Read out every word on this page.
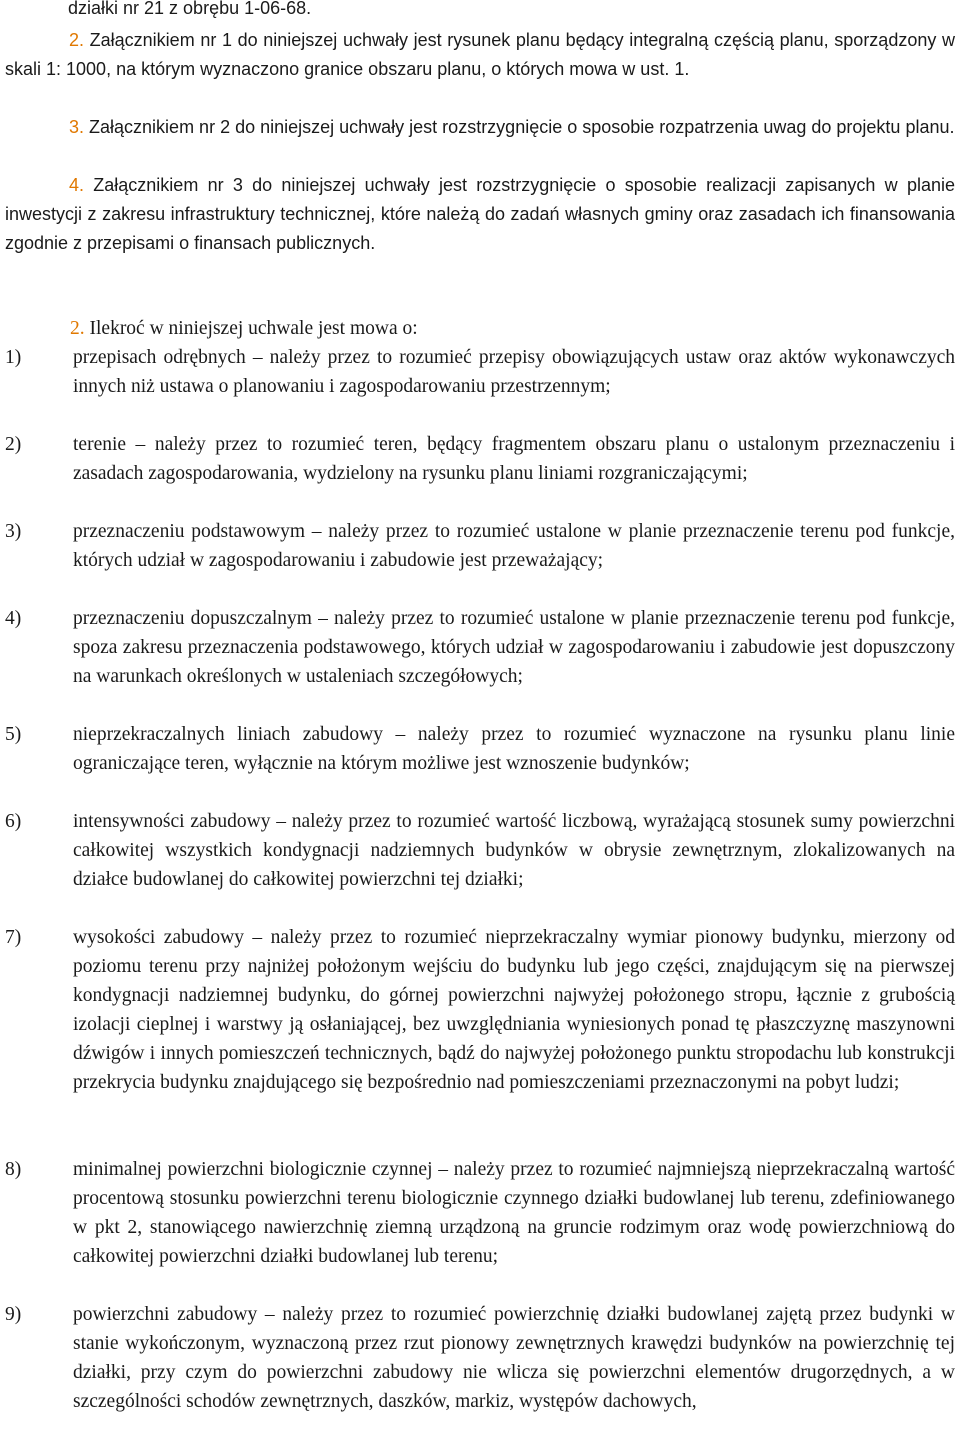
działki nr 21 z obrębu 1-06-68.
2. Załącznikiem nr 1 do niniejszej uchwały jest rysunek planu będący integralną częścią planu, sporządzony w skali 1: 1000, na którym wyznaczono granice obszaru planu, o których mowa w ust. 1.
3. Załącznikiem nr 2 do niniejszej uchwały jest rozstrzygnięcie o sposobie rozpatrzenia uwag do projektu planu.
4. Załącznikiem nr 3 do niniejszej uchwały jest rozstrzygnięcie o sposobie realizacji zapisanych w planie inwestycji z zakresu infrastruktury technicznej, które należą do zadań własnych gminy oraz zasadach ich finansowania zgodnie z przepisami o finansach publicznych.
2. Ilekroć w niniejszej uchwale jest mowa o:
1)	przepisach odrębnych – należy przez to rozumieć przepisy obowiązujących ustaw oraz aktów wykonawczych innych niż ustawa o planowaniu i zagospodarowaniu przestrzennym;
2)	terenie – należy przez to rozumieć teren, będący fragmentem obszaru planu o ustalonym przeznaczeniu i zasadach zagospodarowania, wydzielony na rysunku planu liniami rozgraniczającymi;
3)	przeznaczeniu podstawowym – należy przez to rozumieć ustalone w planie przeznaczenie terenu pod funkcje, których udział w zagospodarowaniu i zabudowie jest przeważający;
4)	przeznaczeniu dopuszczalnym – należy przez to rozumieć ustalone w planie przeznaczenie terenu pod funkcje, spoza zakresu przeznaczenia podstawowego, których udział w zagospodarowaniu i zabudowie jest dopuszczony na warunkach określonych w ustaleniach szczegółowych;
5)	nieprzekraczalnych liniach zabudowy – należy przez to rozumieć wyznaczone na rysunku planu linie ograniczające teren, wyłącznie na którym możliwe jest wznoszenie budynków;
6)	intensywności zabudowy – należy przez to rozumieć wartość liczbową, wyrażającą stosunek sumy powierzchni całkowitej wszystkich kondygnacji nadziemnych budynków w obrysie zewnętrznym, zlokalizowanych na działce budowlanej do całkowitej powierzchni tej działki;
7)	wysokości zabudowy – należy przez to rozumieć nieprzekraczalny wymiar pionowy budynku, mierzony od poziomu terenu przy najniżej położonym wejściu do budynku lub jego części, znajdującym się na pierwszej kondygnacji nadziemnej budynku, do górnej powierzchni najwyżej położonego stropu, łącznie z grubością izolacji cieplnej i warstwy ją osłaniającej, bez uwzględniania wyniesionych ponad tę płaszczyznę maszynowni dźwigów i innych pomieszczeń technicznych, bądź do najwyżej położonego punktu stropodachu lub konstrukcji przekrycia budynku znajdującego się bezpośrednio nad pomieszczeniami przeznaczonymi na pobyt ludzi;
8)	minimalnej powierzchni biologicznie czynnej – należy przez to rozumieć najmniejszą nieprzekraczalną wartość procentową stosunku powierzchni terenu biologicznie czynnego działki budowlanej lub terenu, zdefiniowanego w pkt 2, stanowiącego nawierzchnię ziemną urządzoną na gruncie rodzimym oraz wodę powierzchniową do całkowitej powierzchni działki budowlanej lub terenu;
9)	powierzchni zabudowy – należy przez to rozumieć powierzchnię działki budowlanej zajętą przez budynki w stanie wykończonym, wyznaczoną przez rzut pionowy zewnętrznych krawędzi budynków na powierzchnię tej działki, przy czym do powierzchni zabudowy nie wlicza się powierzchni elementów drugorzędnych, a w szczególności schodów zewnętrznych, daszków, markiz, występów dachowych,
